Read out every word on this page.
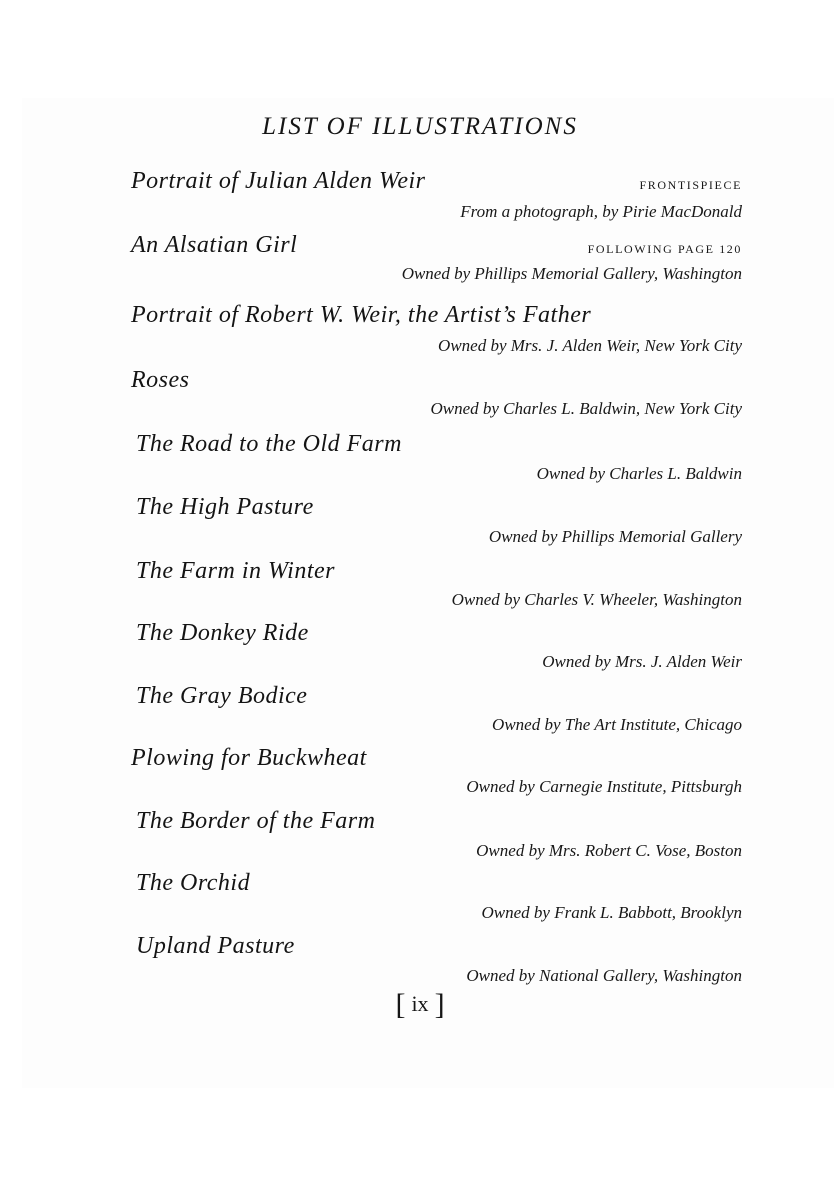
LIST OF ILLUSTRATIONS
Portrait of Julian Alden Weir	FRONTISPIECE
From a photograph, by Pirie MacDonald
An Alsatian Girl	FOLLOWING PAGE 120
Owned by Phillips Memorial Gallery, Washington
Portrait of Robert W. Weir, the Artist’s Father
Owned by Mrs. J. Alden Weir, New York City
Roses
Owned by Charles L. Baldwin, New York City
The Road to the Old Farm
Owned by Charles L. Baldwin
The High Pasture
Owned by Phillips Memorial Gallery
The Farm in Winter
Owned by Charles V. Wheeler, Washington
The Donkey Ride
Owned by Mrs. J. Alden Weir
The Gray Bodice
Owned by The Art Institute, Chicago
Plowing for Buckwheat
Owned by Carnegie Institute, Pittsburgh
The Border of the Farm
Owned by Mrs. Robert C. Vose, Boston
The Orchid
Owned by Frank L. Babbott, Brooklyn
Upland Pasture
Owned by National Gallery, Washington
[ ix ]
